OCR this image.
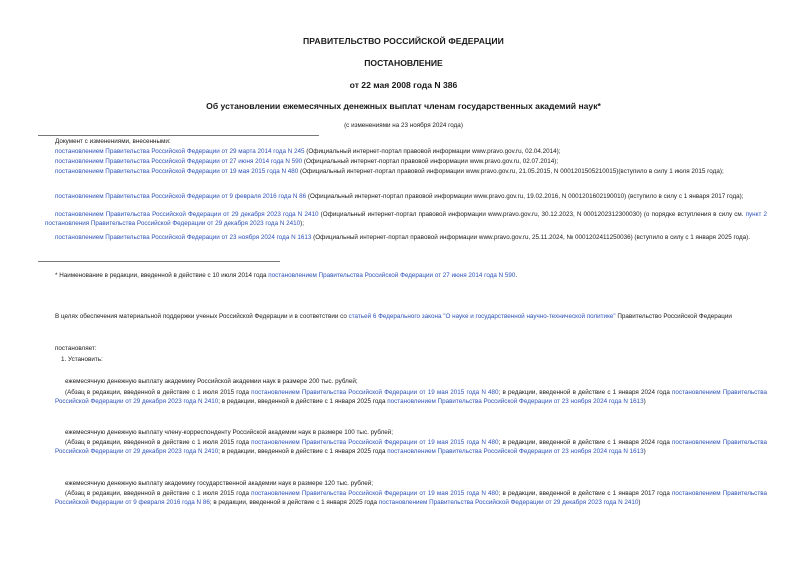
ПРАВИТЕЛЬСТВО РОССИЙСКОЙ ФЕДЕРАЦИИ
ПОСТАНОВЛЕНИЕ
от 22 мая 2008 года N 386
Об установлении ежемесячных денежных выплат членам государственных академий наук*
(с изменениями на 23 ноября 2024 года)
Документ с изменениями, внесенными:
постановлением Правительства Российской Федерации от 29 марта 2014 года N 245 (Официальный интернет-портал правовой информации www.pravo.gov.ru, 02.04.2014);
постановлением Правительства Российской Федерации от 27 июня 2014 года N 590 (Официальный интернет-портал правовой информации www.pravo.gov.ru, 02.07.2014);
постановлением Правительства Российской Федерации от 19 мая 2015 года N 480 (Официальный интернет-портал правовой информации www.pravo.gov.ru, 21.05.2015, N 0001201505210015)(вступило в силу 1 июля 2015 года);
постановлением Правительства Российской Федерации от 9 февраля 2016 года N 86 (Официальный интернет-портал правовой информации www.pravo.gov.ru, 19.02.2016, N 0001201602190010) (вступило в силу с 1 января 2017 года);
постановлением Правительства Российской Федерации от 29 декабря 2023 года N 2410 (Официальный интернет-портал правовой информации www.pravo.gov.ru, 30.12.2023, N 0001202312300030) (о порядке вступления в силу см. пункт 2 постановления Правительства Российской Федерации от 29 декабря 2023 года N 2410);
постановлением Правительства Российской Федерации от 23 ноября 2024 года N 1613 (Официальный интернет-портал правовой информации www.pravo.gov.ru, 25.11.2024, № 0001202411250036) (вступило в силу с 1 января 2025 года).
* Наименование в редакции, введенной в действие с 10 июля 2014 года постановлением Правительства Российской Федерации от 27 июня 2014 года N 590.
В целях обеспечения материальной поддержки ученых Российской Федерации и в соответствии со статьей 6 Федерального закона "О науке и государственной научно-технической политике" Правительство Российской Федерации
постановляет:
1. Установить:
ежемесячную денежную выплату академику Российской академии наук в размере 200 тыс. рублей;
(Абзац в редакции, введенной в действие с 1 июля 2015 года постановлением Правительства Российской Федерации от 19 мая 2015 года N 480; в редакции, введенной в действие с 1 января 2024 года постановлением Правительства Российской Федерации от 29 декабря 2023 года N 2410; в редакции, введенной в действие с 1 января 2025 года постановлением Правительства Российской Федерации от 23 ноября 2024 года N 1613)
ежемесячную денежную выплату члену-корреспонденту Российской академии наук в размере 100 тыс. рублей;
(Абзац в редакции, введенной в действие с 1 июля 2015 года постановлением Правительства Российской Федерации от 19 мая 2015 года N 480; в редакции, введенной в действие с 1 января 2024 года постановлением Правительства Российской Федерации от 29 декабря 2023 года N 2410; в редакции, введенной в действие с 1 января 2025 года постановлением Правительства Российской Федерации от 23 ноября 2024 года N 1613)
ежемесячную денежную выплату академику государственной академии наук в размере 120 тыс. рублей;
(Абзац в редакции, введенной в действие с 1 июля 2015 года постановлением Правительства Российской Федерации от 19 мая 2015 года N 480; в редакции, введенной в действие с 1 января 2017 года постановлением Правительства Российской Федерации от 9 февраля 2016 года N 86; в редакции, введенной в действие с 1 января 2025 года постановлением Правительства Российской Федерации от 29 декабря 2023 года N 2410)
